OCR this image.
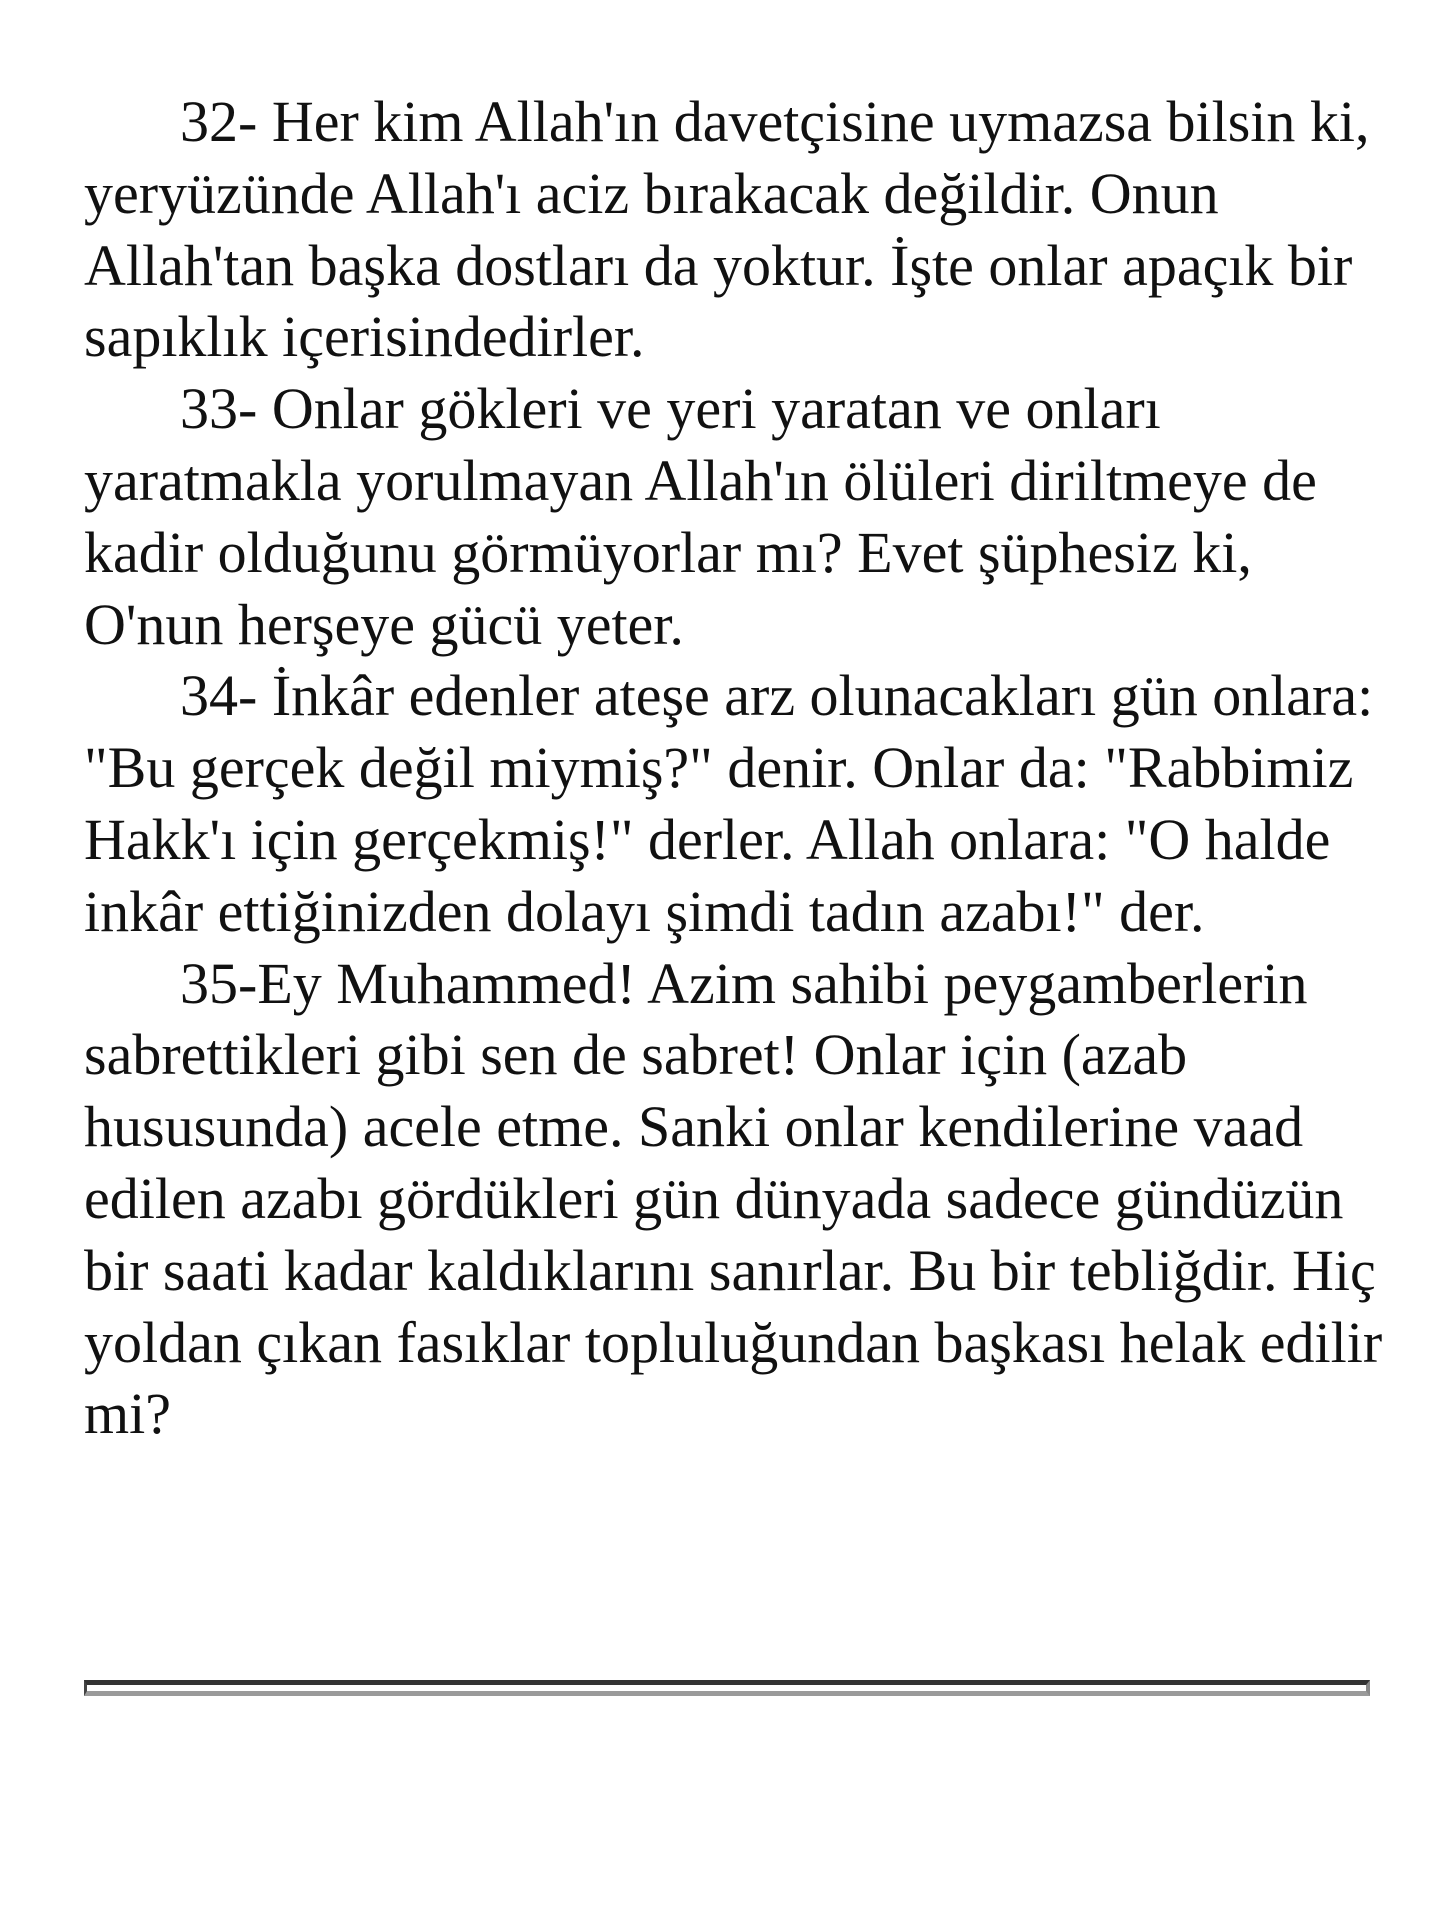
32- Her kim Allah'ın davetçisine uymazsa bilsin ki, yeryüzünde Allah'ı aciz bırakacak değildir. Onun Allah'tan başka dostları da yoktur. İşte onlar apaçık bir sapıklık içerisindedirler.

33- Onlar gökleri ve yeri yaratan ve onları yaratmakla yorulmayan Allah'ın ölüleri diriltmeye de kadir olduğunu görmüyorlar mı? Evet şüphesiz ki, O'nun herşeye gücü yeter.

34- İnkâr edenler ateşe arz olunacakları gün onlara: "Bu gerçek değil miymiş?" denir. Onlar da: "Rabbimiz Hakk'ı için gerçekmiş!" derler. Allah onlara: "O halde inkâr ettiğinizden dolayı şimdi tadın azabı!" der.

35-Ey Muhammed! Azim sahibi peygamberlerin sabrettikleri gibi sen de sabret! Onlar için (azab hususunda) acele etme. Sanki onlar kendilerine vaad edilen azabı gördükleri gün dünyada sadece gündüzün bir saati kadar kaldıklarını sanırlar. Bu bir tebliğdir. Hiç yoldan çıkan fasıklar topluluğundan başkası helak edilir mi?
